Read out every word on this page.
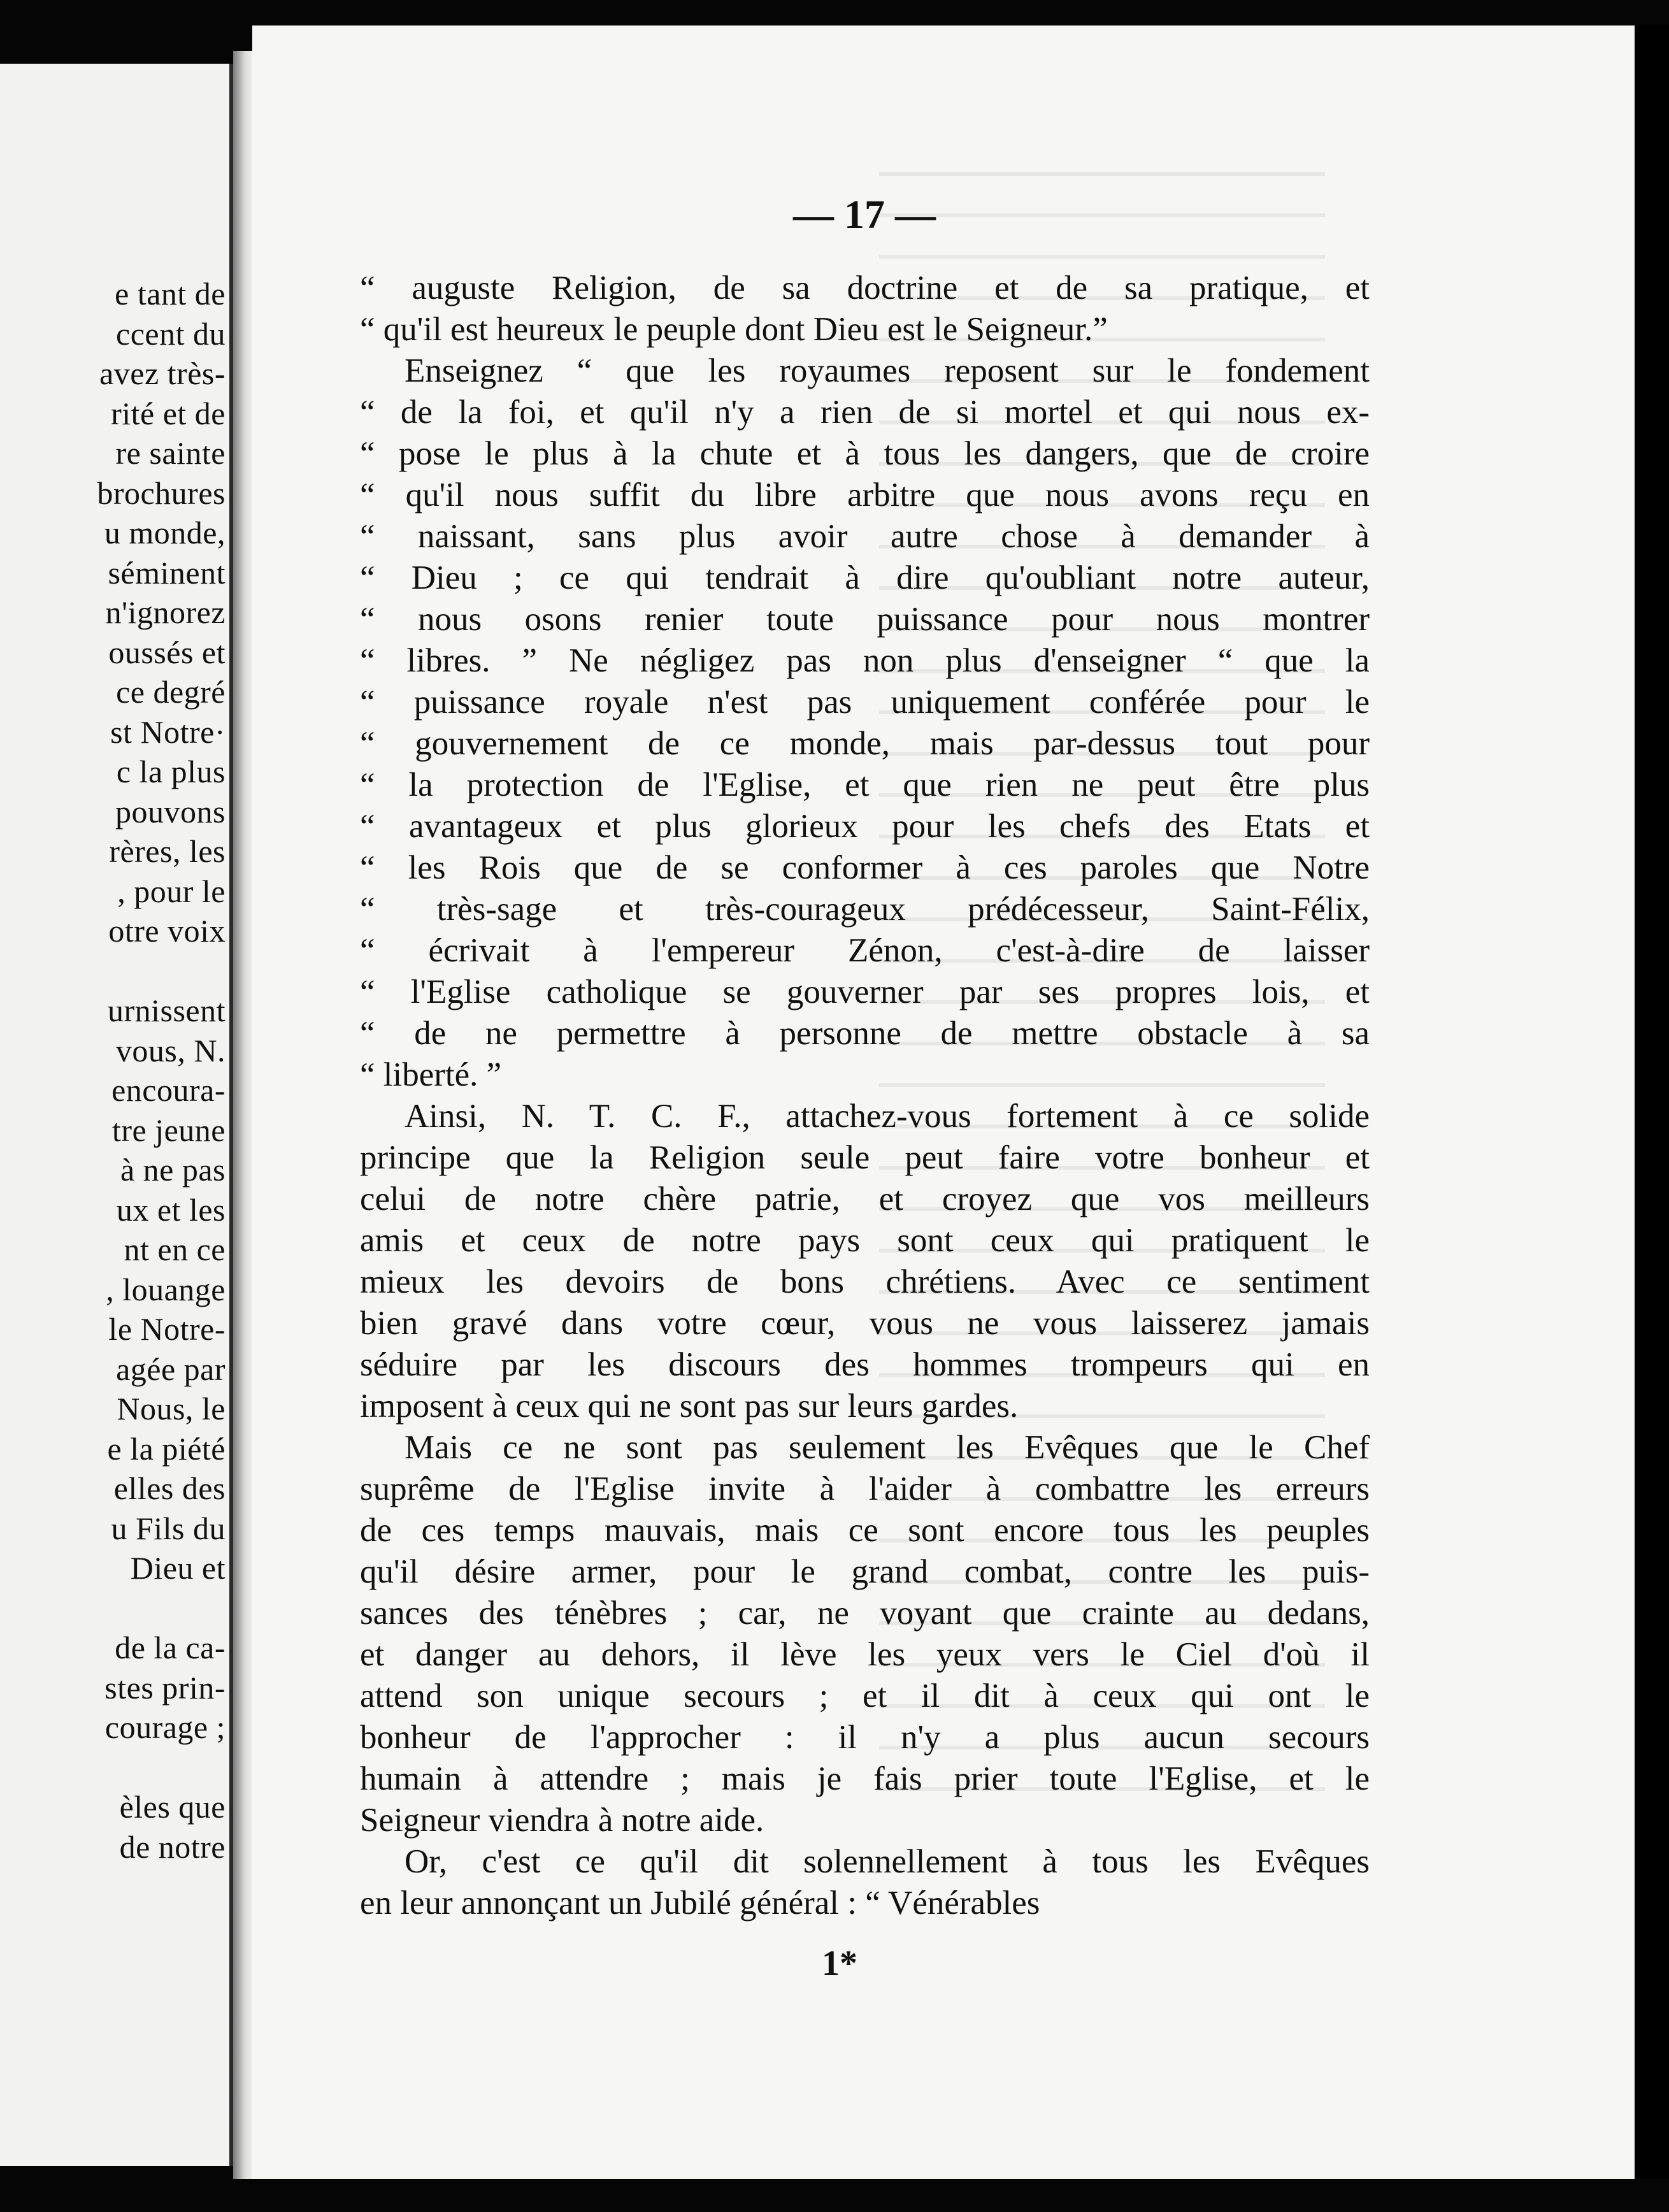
e tant de
ccent du
avez très-
rité et de
re sainte
brochures
u monde,
séminent
n'ignorez
oussés et
ce degré
st Notre·
c la plus
pouvons
rères, les
, pour le
otre voix
urnissent
vous, N.
encoura-
tre jeune
à ne pas
ux et les
nt en ce
, louange
le Notre-
agée par
Nous, le
e la piété
elles des
u Fils du
Dieu et
de la ca-
stes prin-
courage ;
èles que
de notre
— 17 —
“ auguste Religion, de sa doctrine et de sa pratique, et
“ qu'il est heureux le peuple dont Dieu est le Seigneur.”
Enseignez “ que les royaumes reposent sur le fondement
“ de la foi, et qu'il n'y a rien de si mortel et qui nous ex-
“ pose le plus à la chute et à tous les dangers, que de croire
“ qu'il nous suffit du libre arbitre que nous avons reçu en
“ naissant, sans plus avoir autre chose à demander à
“ Dieu ; ce qui tendrait à dire qu'oubliant notre auteur,
“ nous osons renier toute puissance pour nous montrer
“ libres. ” Ne négligez pas non plus d'enseigner “ que la
“ puissance royale n'est pas uniquement conférée pour le
“ gouvernement de ce monde, mais par-dessus tout pour
“ la protection de l'Eglise, et que rien ne peut être plus
“ avantageux et plus glorieux pour les chefs des Etats et
“ les Rois que de se conformer à ces paroles que Notre
“ très-sage et très-courageux prédécesseur, Saint-Félix,
“ écrivait à l'empereur Zénon, c'est-à-dire de laisser
“ l'Eglise catholique se gouverner par ses propres lois, et
“ de ne permettre à personne de mettre obstacle à sa
“ liberté. ”
Ainsi, N. T. C. F., attachez-vous fortement à ce solide
principe que la Religion seule peut faire votre bonheur et
celui de notre chère patrie, et croyez que vos meilleurs
amis et ceux de notre pays sont ceux qui pratiquent le
mieux les devoirs de bons chrétiens. Avec ce sentiment
bien gravé dans votre cœur, vous ne vous laisserez jamais
séduire par les discours des hommes trompeurs qui en
imposent à ceux qui ne sont pas sur leurs gardes.
Mais ce ne sont pas seulement les Evêques que le Chef
suprême de l'Eglise invite à l'aider à combattre les erreurs
de ces temps mauvais, mais ce sont encore tous les peuples
qu'il désire armer, pour le grand combat, contre les puis-
sances des ténèbres ; car, ne voyant que crainte au dedans,
et danger au dehors, il lève les yeux vers le Ciel d'où il
attend son unique secours ; et il dit à ceux qui ont le
bonheur de l'approcher : il n'y a plus aucun secours
humain à attendre ; mais je fais prier toute l'Eglise, et le
Seigneur viendra à notre aide.
Or, c'est ce qu'il dit solennellement à tous les Evêques
en leur annonçant un Jubilé général : “ Vénérables
1*
